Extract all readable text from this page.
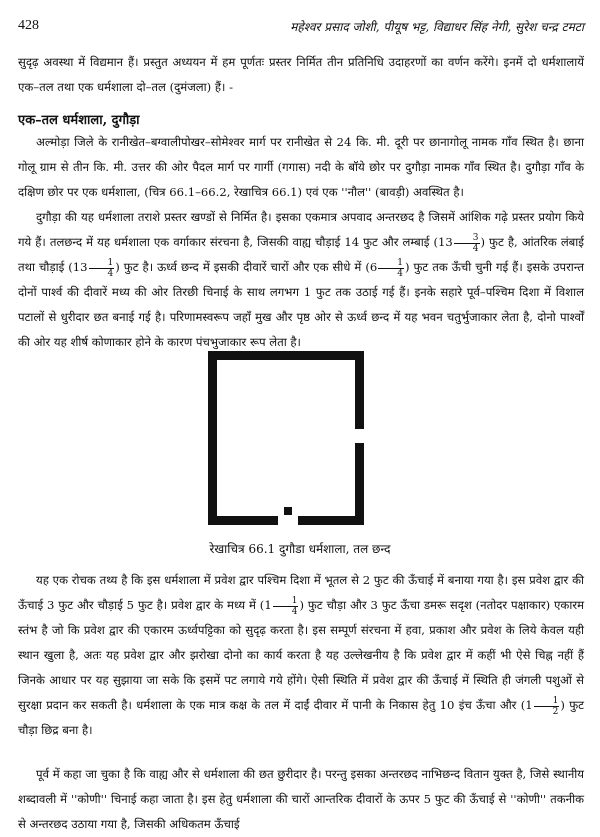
428	महेश्वर प्रसाद जोशी, पीयूष भट्ट, विद्याधर सिंह नेगी, सुरेश चन्द्र टमटा
सुदृढ़ अवस्था में विद्यमान हैं। प्रस्तुत अध्ययन में हम पूर्णतः प्रस्तर निर्मित तीन प्रतिनिधि उदाहरणों का वर्णन करेंगे। इनमें दो धर्मशालायें एक–तल तथा एक धर्मशाला दो–तल (दुमंजला) हैं। -
एक–तल धर्मशाला, दुगौड़ा
अल्मोड़ा जिले के रानीखेत–बग्वालीपोखर–सोमेश्वर मार्ग पर रानीखेत से 24 कि. मी. दूरी पर छानागोलू नामक गाँव स्थित है। छाना गोलू ग्राम से तीन कि. मी. उत्तर की ओर पैदल मार्ग पर गार्गी (गगास) नदी के बॉये छोर पर दुगौड़ा नामक गाँव स्थित है। दुगौड़ा गाँव के दक्षिण छोर पर एक धर्मशाला, (चित्र 66.1–66.2, रेखाचित्र 66.1) एवं एक ''नौल'' (बावड़ी) अवस्थित है।
दुगौड़ा की यह धर्मशाला तराशे प्रस्तर खण्डों से निर्मित है। इसका एकमात्र अपवाद अन्तरछद है जिसमें आंशिक गढ़े प्रस्तर प्रयोग किये गये हैं। तलछन्द में यह धर्मशाला एक वर्गाकार संरचना है, जिसकी वाह्य चौड़ाई 14 फुट और लम्बाई ($13 \frac{3}{4}$ ) फुट है, आंतरिक लंबाई तथा चौड़ाई ($13 \frac{1}{4}$ ) फुट है। ऊर्ध्व छन्द में इसकी दीवारें चारों और एक सीधे में ($6 \frac{1}{4}$ ) फुट तक ऊँची चुनी गई हैं। इसके उपरान्त दोनों पार्श्व की दीवारें मध्य की ओर तिरछी चिनाई के साथ लगभग 1 फुट तक उठाई गई हैं। इनके सहारे पूर्व–पश्चिम दिशा में विशाल पटालों से धुरीदार छत बनाई गई है। परिणामस्वरूप जहाँ मुख और पृष्ठ ओर से ऊर्ध्व छन्द में यह भवन चतुर्भुजाकार लेता है, दोनो पार्श्वों की ओर यह शीर्ष कोणाकार होने के कारण पंचभुजाकार रूप लेता है।
रेखाचित्र 66.1 दुगौडा धर्मशाला, तल छन्द
यह एक रोचक तथ्य है कि इस धर्मशाला में प्रवेश द्वार पश्चिम दिशा में भूतल से 2 फुट की ऊँचाई में बनाया गया है। इस प्रवेश द्वार की ऊँचाई 3 फुट और चौड़ाई 5 फुट है। प्रवेश द्वार के मध्य में ($1 \frac{1}{4}$ ) फुट चौड़ा और 3 फुट ऊँचा डमरू सदृश (नतोदर पक्षाकार) एकारम स्तंभ है जो कि प्रवेश द्वार की एकारम ऊर्ध्वपट्टिका को सुदृढ़ करता है। इस सम्पूर्ण संरचना में हवा, प्रकाश और प्रवेश के लिये केवल यही स्थान खुला है, अतः यह प्रवेश द्वार और झरोखा दोनो का कार्य करता है यह उल्लेखनीय है कि प्रवेश द्वार में कहीं भी ऐसे चिह्न नहीं हैं जिनके आधार पर यह सुझाया जा सके कि इसमें पट लगाये गये होंगे। ऐसी स्थिति में प्रवेश द्वार की ऊँचाई में स्थिति ही जंगली पशुओं से सुरक्षा प्रदान कर सकती है। धर्मशाला के एक मात्र कक्ष के तल में दाईं दीवार में पानी के निकास हेतु 10 इंच ऊँचा और ($1 \frac{1}{2}$ ) फुट चौड़ा छिद्र बना है।
पूर्व में कहा जा चुका है कि वाह्य और से धर्मशाला की छत छुरीदार है। परन्तु इसका अन्तरछद नाभिछन्द वितान युक्त है, जिसे स्थानीय शब्दावली में ''कोणी'' चिनाई कहा जाता है। इस हेतु धर्मशाला की चारों आन्तरिक दीवारों के ऊपर 5 फुट की ऊँचाई से ''कोणी'' तकनीक से अन्तरछद उठाया गया है, जिसकी अधिकतम ऊँचाई
